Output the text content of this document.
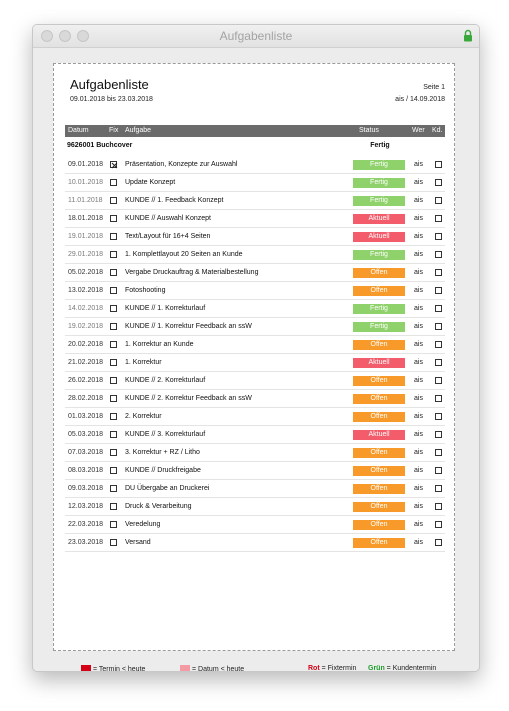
Aufgabenliste
Aufgabenliste
09.01.2018 bis 23.03.2018
Seite 1
ais / 14.09.2018
Datum	Fix Aufgabe	Status	Wer Kd.
9626001 Buchcover	Fertig
09.01.2018	Präsentation, Konzepte zur Auswahl	Fertig	ais
10.01.2018	Update Konzept	Fertig	ais
11.01.2018	KUNDE // 1. Feedback Konzept	Fertig	ais
18.01.2018	KUNDE // Auswahl Konzept	Aktuell	ais
19.01.2018	Text/Layout für 16+4 Seiten	Aktuell	ais
29.01.2018	1. Komplettlayout 20 Seiten an Kunde	Fertig	ais
05.02.2018	Vergabe Druckauftrag & Materialbestellung	Offen	ais
13.02.2018	Fotoshooting	Offen	ais
14.02.2018	KUNDE // 1. Korrekturlauf	Fertig	ais
19.02.2018	KUNDE // 1. Korrektur Feedback an ssW	Fertig	ais
20.02.2018	1. Korrektur an Kunde	Offen	ais
21.02.2018	1. Korrektur	Aktuell	ais
26.02.2018	KUNDE // 2. Korrekturlauf	Offen	ais
28.02.2018	KUNDE // 2. Korrektur Feedback an ssW	Offen	ais
01.03.2018	2. Korrektur	Offen	ais
05.03.2018	KUNDE // 3. Korrekturlauf	Aktuell	ais
07.03.2018	3. Korrektur + RZ / Litho	Offen	ais
08.03.2018	KUNDE // Druckfreigabe	Offen	ais
09.03.2018	DU Übergabe an Druckerei	Offen	ais
12.03.2018	Druck & Verarbeitung	Offen	ais
22.03.2018	Veredelung	Offen	ais
23.03.2018	Versand	Offen	ais
= Termin < heute	= Datum < heute	Rot = Fixtermin Grün = Kundentermin
